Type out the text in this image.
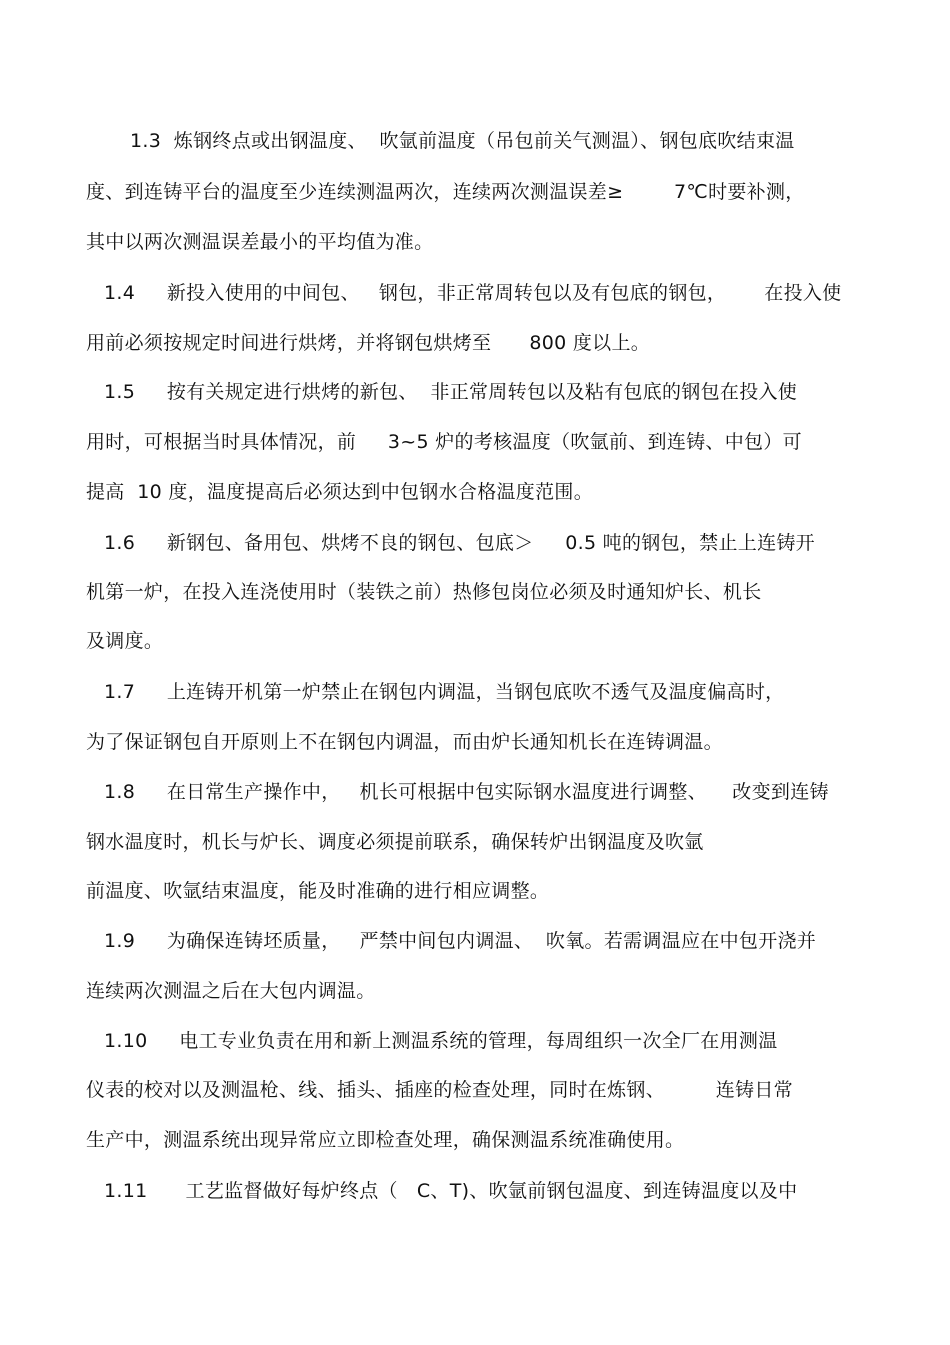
1.3  炼钢终点或出钢温度、  吹氩前温度（吊包前关气测温）、钢包底吹结束温
度、到连铸平台的温度至少连续测温两次，连续两次测温误差≥        7℃时要补测，
其中以两次测温误差最小的平均值为准。
1.4     新投入使用的中间包、   钢包，非正常周转包以及有包底的钢包，      在投入使
用前必须按规定时间进行烘烤，并将钢包烘烤至      800 度以上。
1.5     按有关规定进行烘烤的新包、  非正常周转包以及粘有包底的钢包在投入使
用时，可根据当时具体情况，前     3~5 炉的考核温度（吹氩前、到连铸、中包）可
提高  10 度，温度提高后必须达到中包钢水合格温度范围。
1.6     新钢包、备用包、烘烤不良的钢包、包底＞     0.5 吨的钢包，禁止上连铸开
机第一炉，在投入连浇使用时（装铁之前）热修包岗位必须及时通知炉长、机长
及调度。
1.7     上连铸开机第一炉禁止在钢包内调温，当钢包底吹不透气及温度偏高时，
为了保证钢包自开原则上不在钢包内调温，而由炉长通知机长在连铸调温。
1.8     在日常生产操作中，   机长可根据中包实际钢水温度进行调整、    改变到连铸
钢水温度时，机长与炉长、调度必须提前联系，确保转炉出钢温度及吹氩
前温度、吹氩结束温度，能及时准确的进行相应调整。
1.9     为确保连铸坯质量，   严禁中间包内调温、  吹氧。若需调温应在中包开浇并
连续两次测温之后在大包内调温。
1.10     电工专业负责在用和新上测温系统的管理，每周组织一次全厂在用测温
仪表的校对以及测温枪、线、插头、插座的检查处理，同时在炼钢、        连铸日常
生产中，测温系统出现异常应立即检查处理，确保测温系统准确使用。
1.11      工艺监督做好每炉终点（   C、T)、吹氩前钢包温度、到连铸温度以及中
